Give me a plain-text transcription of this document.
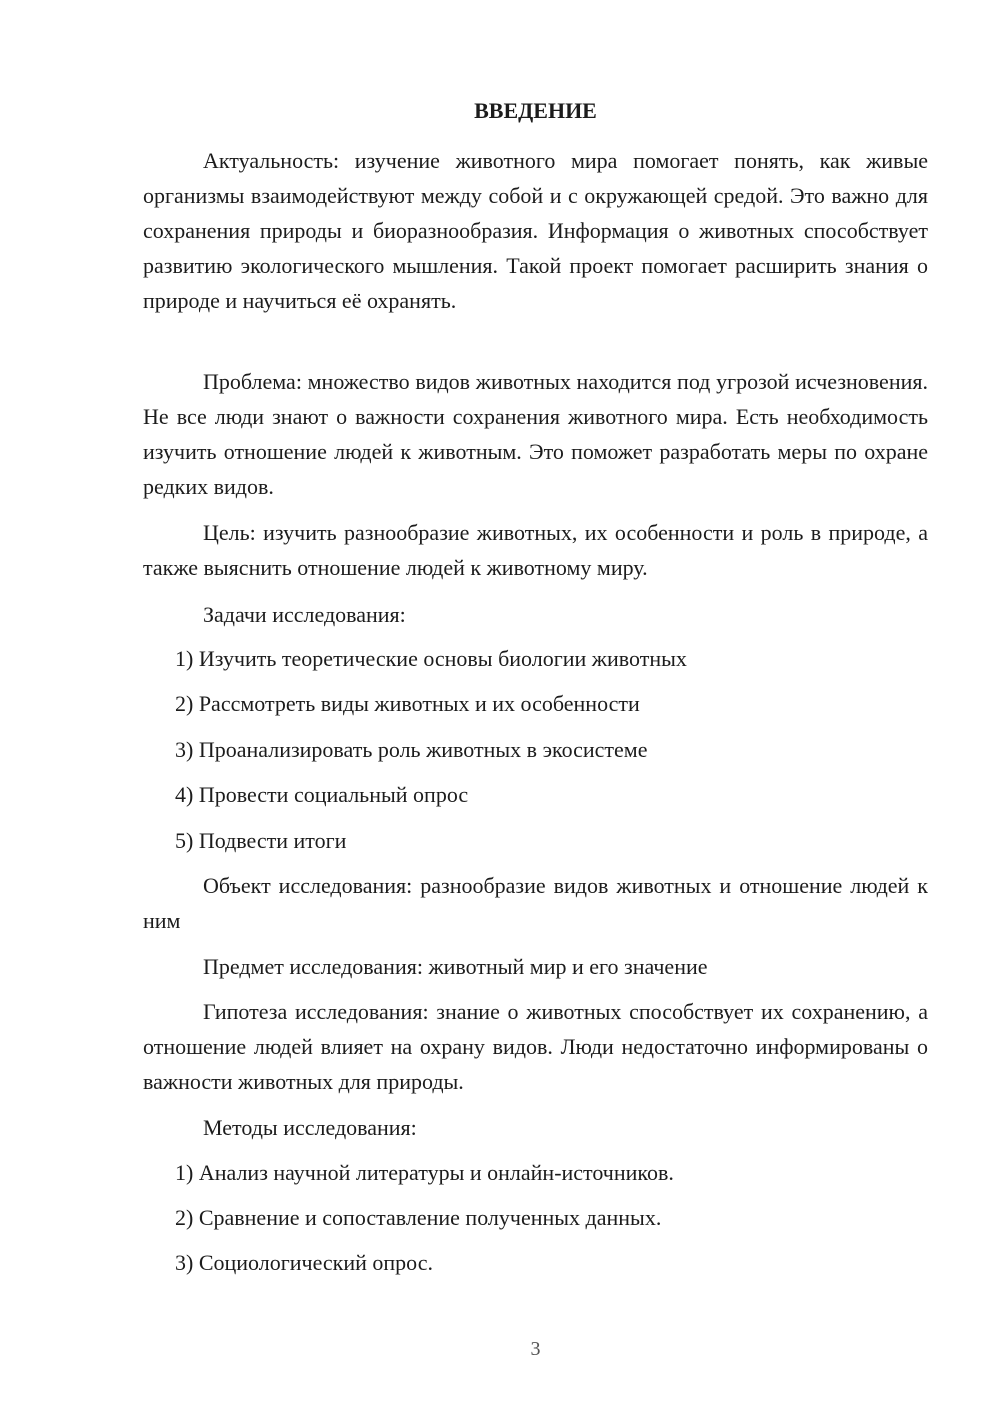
ВВЕДЕНИЕ

Актуальность: изучение животного мира помогает понять, как живые организмы взаимодействуют между собой и с окружающей средой. Это важно для сохранения природы и биоразнообразия. Информация о животных способствует развитию экологического мышления. Такой проект помогает расширить знания о природе и научиться её охранять.

Проблема: множество видов животных находится под угрозой исчезновения. Не все люди знают о важности сохранения животного мира. Есть необходимость изучить отношение людей к животным. Это поможет разработать меры по охране редких видов.

Цель: изучить разнообразие животных, их особенности и роль в природе, а также выяснить отношение людей к животному миру.

Задачи исследования:

1) Изучить теоретические основы биологии животных

2) Рассмотреть виды животных и их особенности

3) Проанализировать роль животных в экосистеме

4) Провести социальный опрос

5) Подвести итоги

Объект исследования: разнообразие видов животных и отношение людей к ним

Предмет исследования: животный мир и его значение

Гипотеза исследования: знание о животных способствует их сохранению, а отношение людей влияет на охрану видов. Люди недостаточно информированы о важности животных для природы.

Методы исследования:

1) Анализ научной литературы и онлайн-источников.

2) Сравнение и сопоставление полученных данных.

3) Социологический опрос.

3
